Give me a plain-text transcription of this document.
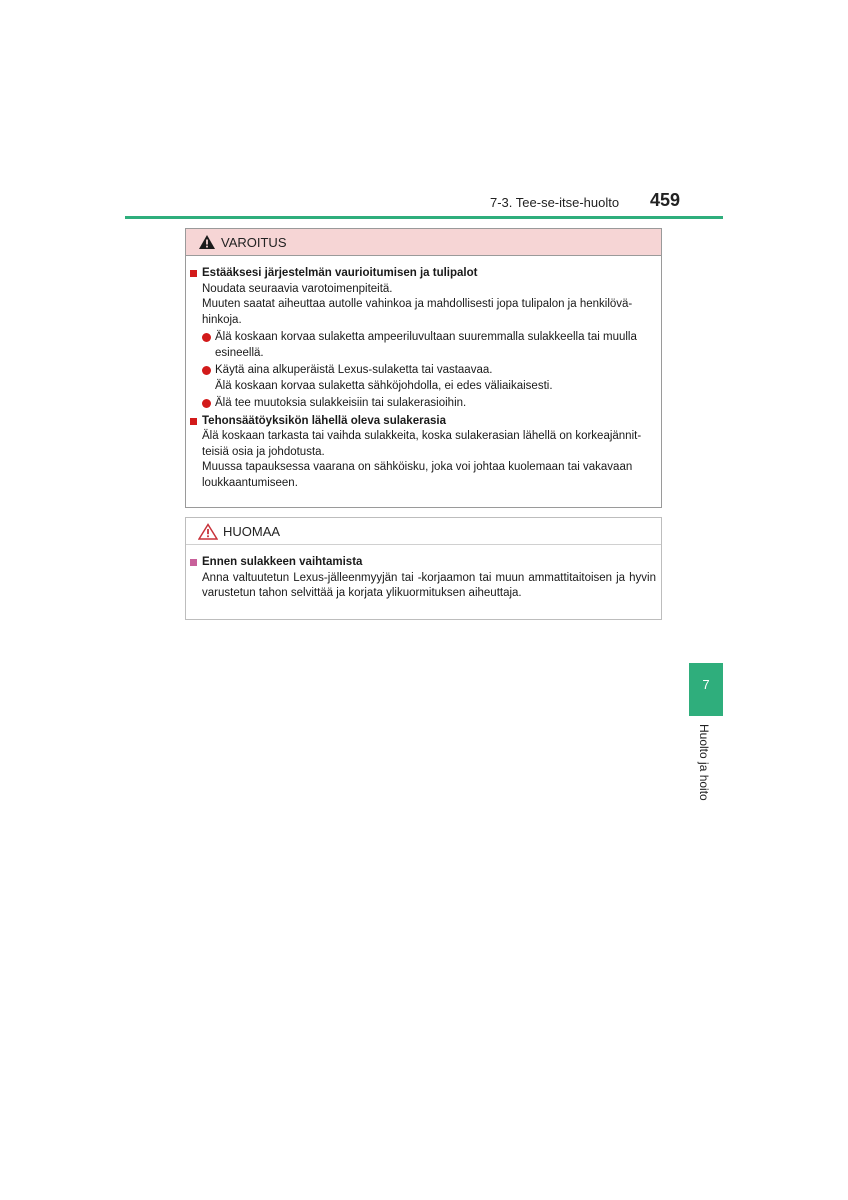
7-3. Tee-se-itse-huolto 459
VAROITUS
Estääksesi järjestelmän vaurioitumisen ja tulipalot
Noudata seuraavia varotoimenpiteitä.
Muuten saatat aiheuttaa autolle vahinkoa ja mahdollisesti jopa tulipalon ja henkilövä-
hinkoja.
Älä koskaan korvaa sulaketta ampeeriluvultaan suuremmalla sulakkeella tai muulla esineellä.
Käytä aina alkuperäistä Lexus-sulaketta tai vastaavaa.
Älä koskaan korvaa sulaketta sähköjohdolla, ei edes väliaikaisesti.
Älä tee muutoksia sulakkeisiin tai sulakerasioihin.
Tehonsäätöyksikön lähellä oleva sulakerasia
Älä koskaan tarkasta tai vaihda sulakkeita, koska sulakerasian lähellä on korkeajännit-
teisiä osia ja johdotusta.
Muussa tapauksessa vaarana on sähköisku, joka voi johtaa kuolemaan tai vakavaan
loukkaantumiseen.
HUOMAA
Ennen sulakkeen vaihtamista
Anna valtuutetun Lexus-jälleenmyyjän tai -korjaamon tai muun ammattitaitoisen ja hyvin varustetun tahon selvittää ja korjata ylikuormituksen aiheuttaja.
7
Huolto ja hoito
